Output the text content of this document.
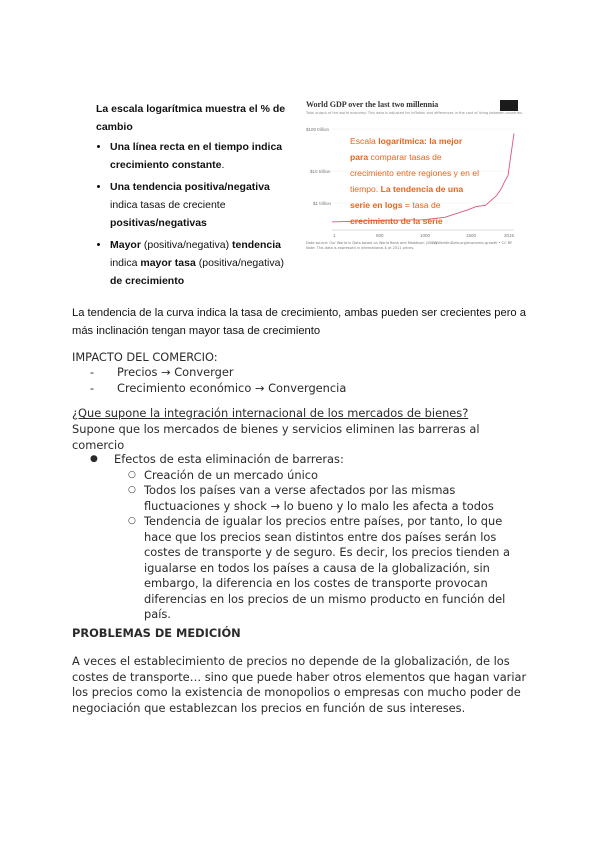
La escala logarítmica muestra el % de cambio
• Una línea recta en el tiempo indica crecimiento constante.
• Una tendencia positiva/negativa indica tasas de creciente positivas/negativas
• Mayor (positiva/negativa) tendencia indica mayor tasa (positiva/negativa) de crecimiento
World GDP over the last two millennia
Total output of the world economy. This data is adjusted for inflation and differences in the cost of living between countries.
$100 trillion
$10 trillion
$1 trillion
1	500	1000	1500	2015
Escala logarítmica: la mejor para comparar tasas de crecimiento entre regiones y en el tiempo. La tendencia de una serie en logs = tasa de crecimiento de la serie
Data source: Our World in Data based on World Bank and Maddison (2017)
Note: This data is expressed in international-$ at 2011 prices.
OurWorldInData.org/economic-growth • CC BY
La tendencia de la curva indica la tasa de crecimiento, ambas pueden ser crecientes pero a más inclinación tengan mayor tasa de crecimiento
IMPACTO DEL COMERCIO:
-	Precios → Converger
-	Crecimiento económico → Convergencia
¿Que supone la integración internacional de los mercados de bienes?
Supone que los mercados de bienes y servicios eliminen las barreras al comercio
●	Efectos de esta eliminación de barreras:
○ Creación de un mercado único
○ Todos los países van a verse afectados por las mismas fluctuaciones y shock → lo bueno y lo malo les afecta a todos
○ Tendencia de igualar los precios entre países, por tanto, lo que hace que los precios sean distintos entre dos países serán los costes de transporte y de seguro. Es decir, los precios tienden a igualarse en todos los países a causa de la globalización, sin embargo, la diferencia en los costes de transporte provocan diferencias en los precios de un mismo producto en función del país.
PROBLEMAS DE MEDICIÓN
A veces el establecimiento de precios no depende de la globalización, de los costes de transporte… sino que puede haber otros elementos que hagan variar los precios como la existencia de monopolios o empresas con mucho poder de negociación que establezcan los precios en función de sus intereses.
